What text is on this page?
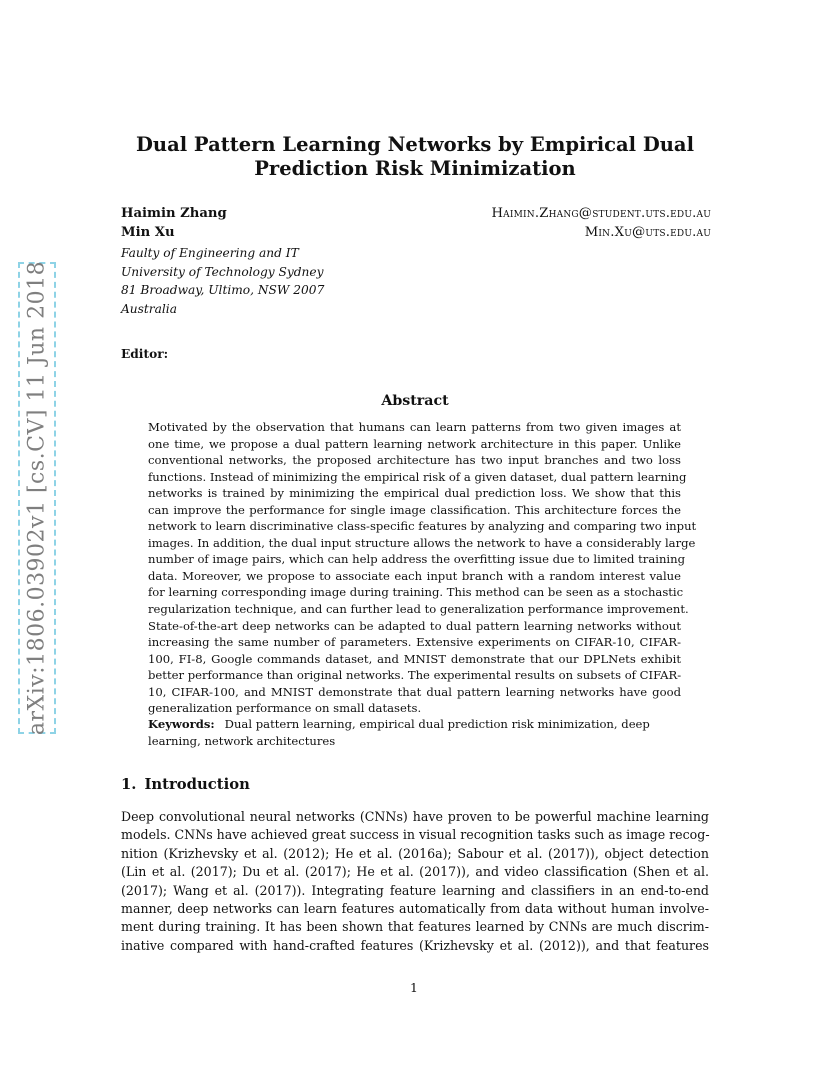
arXiv:1806.03902v1 [cs.CV] 11 Jun 2018
Dual Pattern Learning Networks by Empirical Dual
Prediction Risk Minimization
Haimin Zhang	Haimin.Zhang@student.uts.edu.au
Min Xu	Min.Xu@uts.edu.au
Faulty of Engineering and IT
University of Technology Sydney
81 Broadway, Ultimo, NSW 2007
Australia
Editor:
Abstract
Motivated by the observation that humans can learn patterns from two given images at
one time, we propose a dual pattern learning network architecture in this paper. Unlike
conventional networks, the proposed architecture has two input branches and two loss
functions. Instead of minimizing the empirical risk of a given dataset, dual pattern learning
networks is trained by minimizing the empirical dual prediction loss. We show that this
can improve the performance for single image classification. This architecture forces the
network to learn discriminative class-specific features by analyzing and comparing two input
images. In addition, the dual input structure allows the network to have a considerably large
number of image pairs, which can help address the overfitting issue due to limited training
data. Moreover, we propose to associate each input branch with a random interest value
for learning corresponding image during training. This method can be seen as a stochastic
regularization technique, and can further lead to generalization performance improvement.
State-of-the-art deep networks can be adapted to dual pattern learning networks without
increasing the same number of parameters. Extensive experiments on CIFAR-10, CIFAR-
100, FI-8, Google commands dataset, and MNIST demonstrate that our DPLNets exhibit
better performance than original networks. The experimental results on subsets of CIFAR-
10, CIFAR-100, and MNIST demonstrate that dual pattern learning networks have good
generalization performance on small datasets.
Keywords: Dual pattern learning, empirical dual prediction risk minimization, deep
learning, network architectures
1. Introduction
Deep convolutional neural networks (CNNs) have proven to be powerful machine learning
models. CNNs have achieved great success in visual recognition tasks such as image recog-
nition (Krizhevsky et al. (2012); He et al. (2016a); Sabour et al. (2017)), object detection
(Lin et al. (2017); Du et al. (2017); He et al. (2017)), and video classification (Shen et al.
(2017); Wang et al. (2017)). Integrating feature learning and classifiers in an end-to-end
manner, deep networks can learn features automatically from data without human involve-
ment during training. It has been shown that features learned by CNNs are much discrim-
inative compared with hand-crafted features (Krizhevsky et al. (2012)), and that features
1
